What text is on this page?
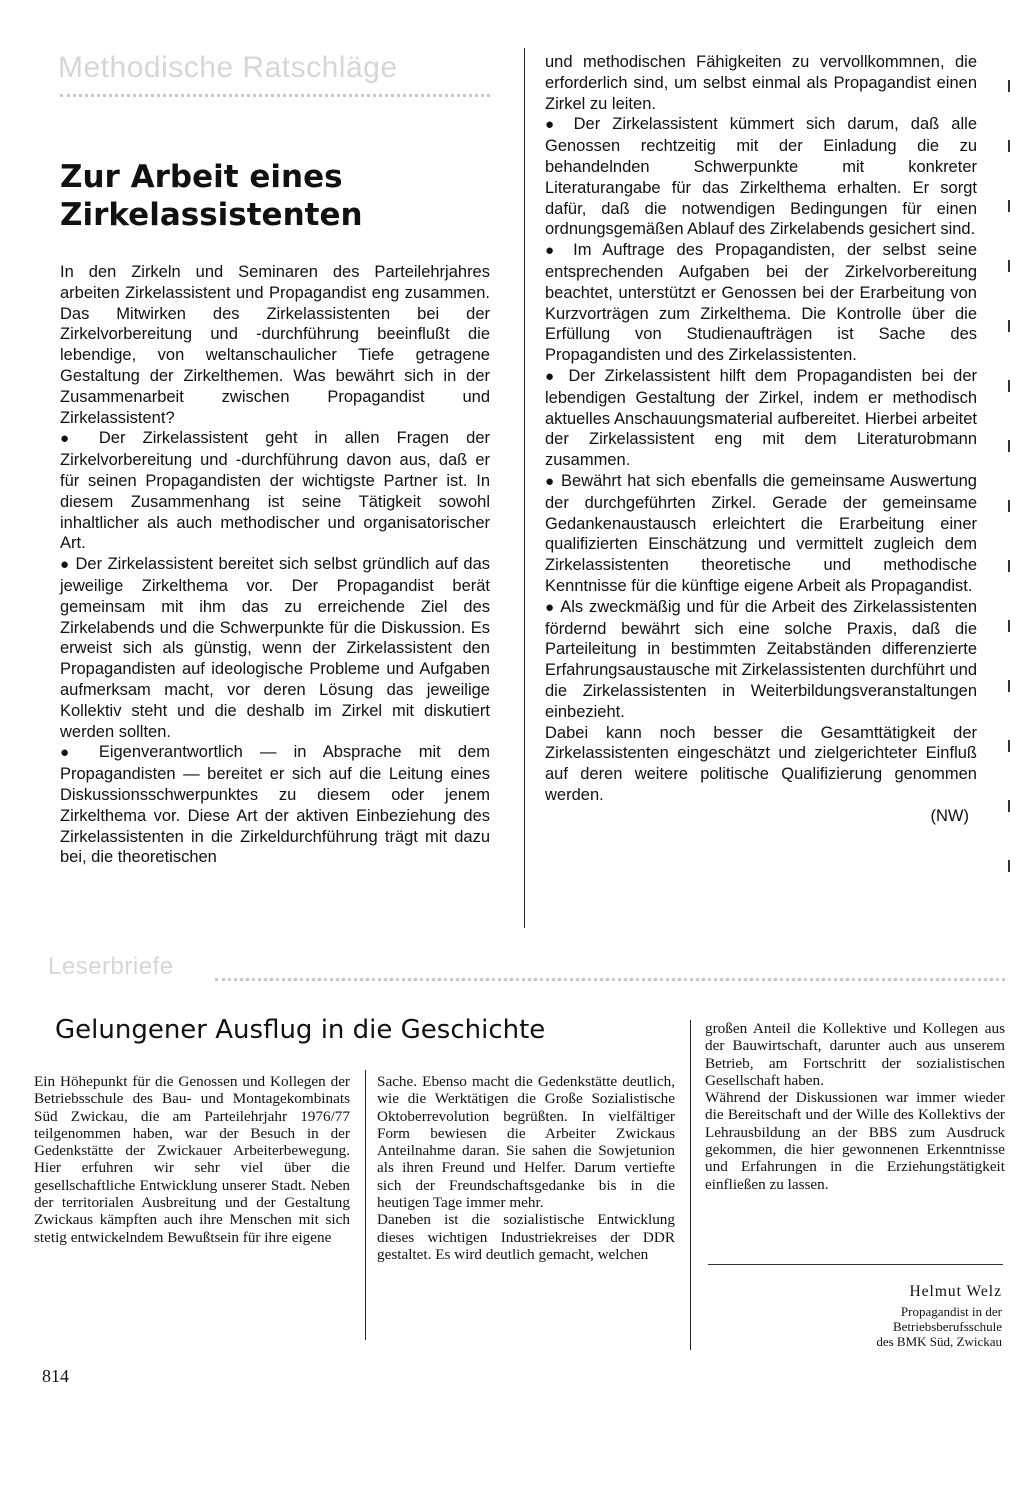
Methodische Ratschläge
Zur Arbeit eines
Zirkelassistenten

In den Zirkeln und Seminaren des Parteilehrjahres arbeiten Zirkelassistent und Propagandist eng zusammen. Das Mitwirken des Zirkelassistenten bei der Zirkelvorbereitung und -durchführung beeinflußt die lebendige, von weltanschaulicher Tiefe getragene Gestaltung der Zirkelthemen. Was bewährt sich in der Zusammenarbeit zwischen Propagandist und Zirkelassistent?

● Der Zirkelassistent geht in allen Fragen der Zirkelvorbereitung und -durchführung davon aus, daß er für seinen Propagandisten der wichtigste Partner ist. In diesem Zusammenhang ist seine Tätigkeit sowohl inhaltlicher als auch methodischer und organisatorischer Art.

● Der Zirkelassistent bereitet sich selbst gründlich auf das jeweilige Zirkelthema vor. Der Propagandist berät gemeinsam mit ihm das zu erreichende Ziel des Zirkelabends und die Schwerpunkte für die Diskussion. Es erweist sich als günstig, wenn der Zirkelassistent den Propagandisten auf ideologische Probleme und Aufgaben aufmerksam macht, vor deren Lösung das jeweilige Kollektiv steht und die deshalb im Zirkel mit diskutiert werden sollten.

● Eigenverantwortlich — in Absprache mit dem Propagandisten — bereitet er sich auf die Leitung eines Diskussionsschwerpunktes zu diesem oder jenem Zirkelthema vor. Diese Art der aktiven Einbeziehung des Zirkelassistenten in die Zirkeldurchführung trägt mit dazu bei, die theoretischen

und methodischen Fähigkeiten zu vervollkommnen, die erforderlich sind, um selbst einmal als Propagandist einen Zirkel zu leiten.

● Der Zirkelassistent kümmert sich darum, daß alle Genossen rechtzeitig mit der Einladung die zu behandelnden Schwerpunkte mit konkreter Literaturangabe für das Zirkelthema erhalten. Er sorgt dafür, daß die notwendigen Bedingungen für einen ordnungsgemäßen Ablauf des Zirkelabends gesichert sind.

● Im Auftrage des Propagandisten, der selbst seine entsprechenden Aufgaben bei der Zirkelvorbereitung beachtet, unterstützt er Genossen bei der Erarbeitung von Kurzvorträgen zum Zirkelthema. Die Kontrolle über die Erfüllung von Studienaufträgen ist Sache des Propagandisten und des Zirkelassistenten.

● Der Zirkelassistent hilft dem Propagandisten bei der lebendigen Gestaltung der Zirkel, indem er methodisch aktuelles Anschauungsmaterial aufbereitet. Hierbei arbeitet der Zirkelassistent eng mit dem Literaturobmann zusammen.

● Bewährt hat sich ebenfalls die gemeinsame Auswertung der durchgeführten Zirkel. Gerade der gemeinsame Gedankenaustausch erleichtert die Erarbeitung einer qualifizierten Einschätzung und vermittelt zugleich dem Zirkelassistenten theoretische und methodische Kenntnisse für die künftige eigene Arbeit als Propagandist.

● Als zweckmäßig und für die Arbeit des Zirkelassistenten fördernd bewährt sich eine solche Praxis, daß die Parteileitung in bestimmten Zeitabständen differenzierte Erfahrungsaustausche mit Zirkelassistenten durchführt und die Zirkelassistenten in Weiterbildungsveranstaltungen einbezieht.

Dabei kann noch besser die Gesamttätigkeit der Zirkelassistenten eingeschätzt und zielgerichteter Einfluß auf deren weitere politische Qualifizierung genommen werden.

(NW)

Leserbriefe
Gelungener Ausflug in die Geschichte

Ein Höhepunkt für die Genossen und Kollegen der Betriebsschule des Bau- und Montagekombinats Süd Zwickau, die am Parteilehrjahr 1976/77 teilgenommen haben, war der Besuch in der Gedenkstätte der Zwickauer Arbeiterbewegung. Hier erfuhren wir sehr viel über die gesellschaftliche Entwicklung unserer Stadt. Neben der territorialen Ausbreitung und der Gestaltung Zwickaus kämpften auch ihre Menschen mit sich stetig entwickelndem Bewußtsein für ihre eigene

Sache. Ebenso macht die Gedenkstätte deutlich, wie die Werktätigen die Große Sozialistische Oktoberrevolution begrüßten. In vielfältiger Form bewiesen die Arbeiter Zwickaus Anteilnahme daran. Sie sahen die Sowjetunion als ihren Freund und Helfer. Darum vertiefte sich der Freundschaftsgedanke bis in die heutigen Tage immer mehr.

Daneben ist die sozialistische Entwicklung dieses wichtigen Industriekreises der DDR gestaltet. Es wird deutlich gemacht, welchen

großen Anteil die Kollektive und Kollegen aus der Bauwirtschaft, darunter auch aus unserem Betrieb, am Fortschritt der sozialistischen Gesellschaft haben.

Während der Diskussionen war immer wieder die Bereitschaft und der Wille des Kollektivs der Lehrausbildung an der BBS zum Ausdruck gekommen, die hier gewonnenen Erkenntnisse und Erfahrungen in die Erziehungstätigkeit einfließen zu lassen.

Helmut Welz
Propagandist in der
Betriebsberufsschule
des BMK Süd, Zwickau
814
